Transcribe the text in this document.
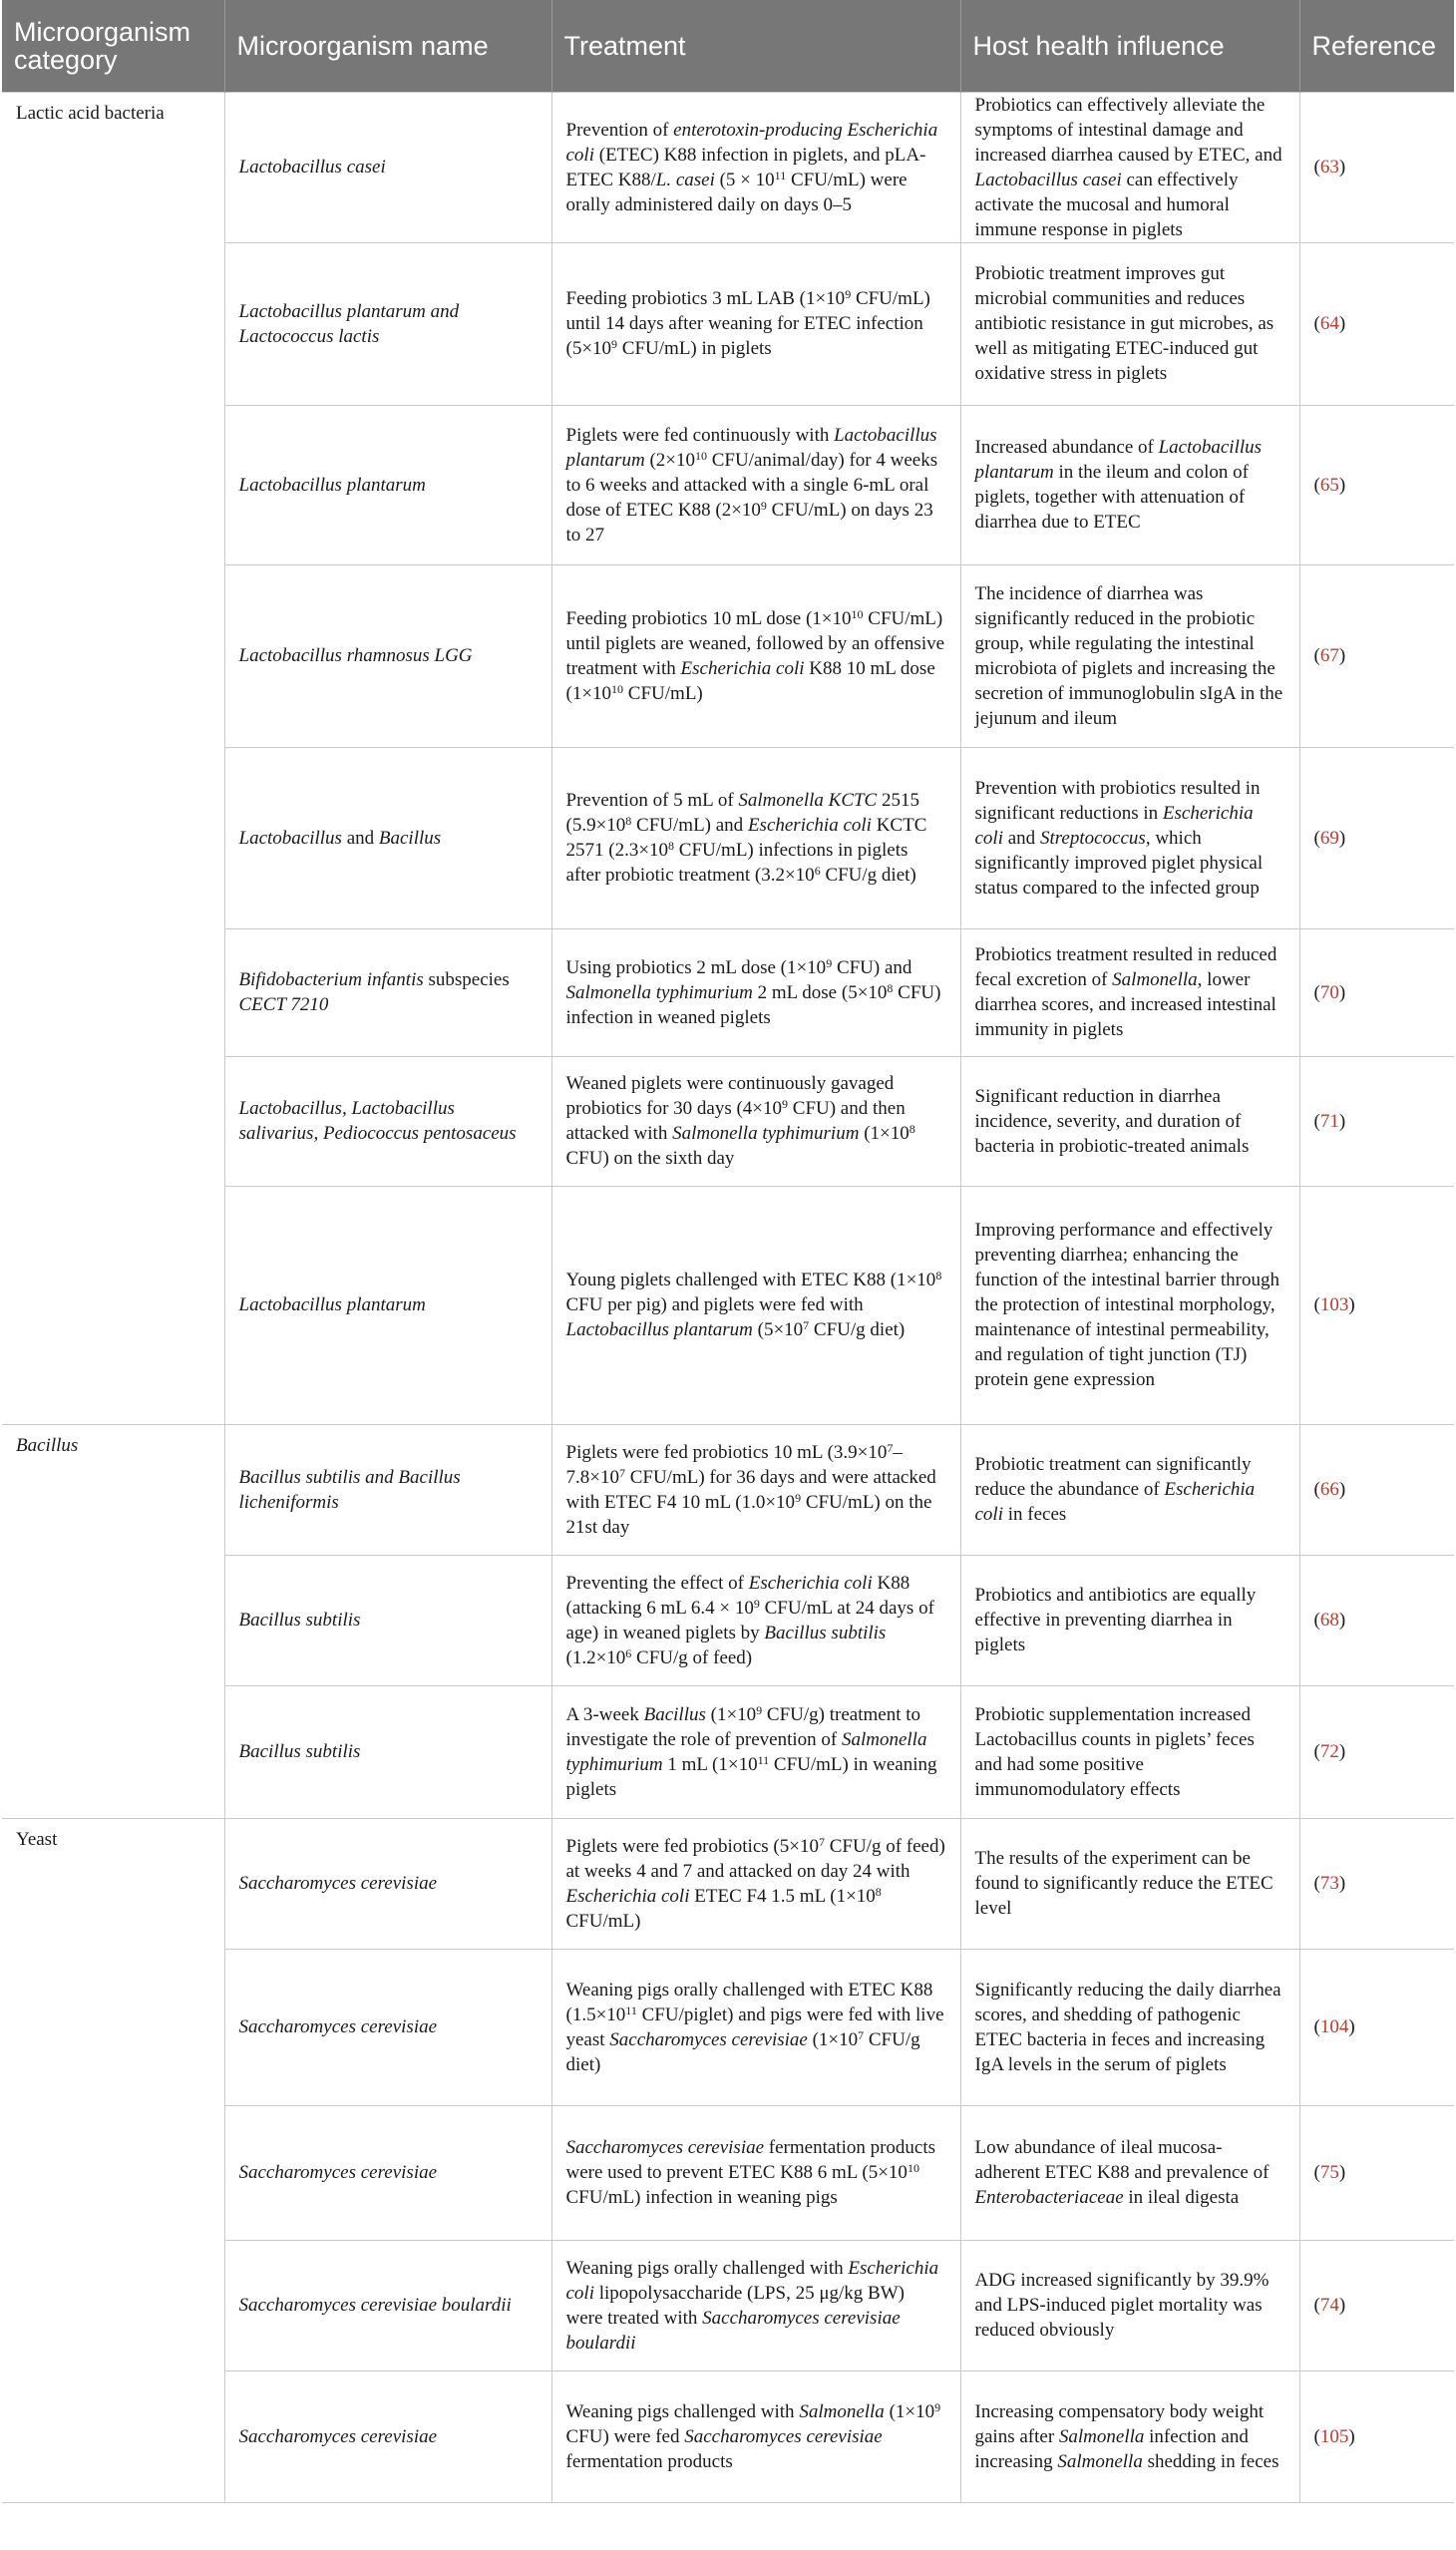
Microorganism category	Microorganism name	Treatment	Host health influence	Reference
Lactic acid bacteria	Lactobacillus casei	Prevention of enterotoxin-producing Escherichia coli (ETEC) K88 infection in piglets, and pLA-ETEC K88/L. casei ($5 \times 10^{11}$ CFU/mL) were orally administered daily on days 0–5	Probiotics can effectively alleviate the symptoms of intestinal damage and increased diarrhea caused by ETEC, and Lactobacillus casei can effectively activate the mucosal and humoral immune response in piglets	(63)
	Lactobacillus plantarum and Lactococcus lactis	Feeding probiotics 3 mL LAB ($1\times 10^9$ CFU/mL) until 14 days after weaning for ETEC infection ($5\times 10^9$ CFU/mL) in piglets	Probiotic treatment improves gut microbial communities and reduces antibiotic resistance in gut microbes, as well as mitigating ETEC-induced gut oxidative stress in piglets	(64)
	Lactobacillus plantarum	Piglets were fed continuously with Lactobacillus plantarum ($2\times 10^{10}$ CFU/animal/day) for 4 weeks to 6 weeks and attacked with a single 6-mL oral dose of ETEC K88 ($2\times 10^9$ CFU/mL) on days 23 to 27	Increased abundance of Lactobacillus plantarum in the ileum and colon of piglets, together with attenuation of diarrhea due to ETEC	(65)
	Lactobacillus rhamnosus LGG	Feeding probiotics 10 mL dose ($1\times 10^{10}$ CFU/mL) until piglets are weaned, followed by an offensive treatment with Escherichia coli K88 10 mL dose ($1\times 10^{10}$ CFU/mL)	The incidence of diarrhea was significantly reduced in the probiotic group, while regulating the intestinal microbiota of piglets and increasing the secretion of immunoglobulin sIgA in the jejunum and ileum	(67)
	Lactobacillus and Bacillus	Prevention of 5 mL of Salmonella KCTC 2515 ($5.9\times 10^8$ CFU/mL) and Escherichia coli KCTC 2571 ($2.3\times 10^8$ CFU/mL) infections in piglets after probiotic treatment ($3.2\times 10^6$ CFU/g diet)	Prevention with probiotics resulted in significant reductions in Escherichia coli and Streptococcus, which significantly improved piglet physical status compared to the infected group	(69)
	Bifidobacterium infantis subspecies CECT 7210	Using probiotics 2 mL dose ($1\times 10^9$ CFU) and Salmonella typhimurium 2 mL dose ($5\times 10^8$ CFU) infection in weaned piglets	Probiotics treatment resulted in reduced fecal excretion of Salmonella, lower diarrhea scores, and increased intestinal immunity in piglets	(70)
	Lactobacillus, Lactobacillus salivarius, Pediococcus pentosaceus	Weaned piglets were continuously gavaged probiotics for 30 days ($4\times 10^9$ CFU) and then attacked with Salmonella typhimurium ($1\times 10^8$ CFU) on the sixth day	Significant reduction in diarrhea incidence, severity, and duration of bacteria in probiotic-treated animals	(71)
	Lactobacillus plantarum	Young piglets challenged with ETEC K88 ($1\times 10^8$ CFU per pig) and piglets were fed with Lactobacillus plantarum ($5\times 10^7$ CFU/g diet)	Improving performance and effectively preventing diarrhea; enhancing the function of the intestinal barrier through the protection of intestinal morphology, maintenance of intestinal permeability, and regulation of tight junction (TJ) protein gene expression	(103)
Bacillus	Bacillus subtilis and Bacillus licheniformis	Piglets were fed probiotics 10 mL ($3.9\times 10^7-7.8\times 10^7$ CFU/mL) for 36 days and were attacked with ETEC F4 10 mL ($1.0\times 10^9$ CFU/mL) on the 21st day	Probiotic treatment can significantly reduce the abundance of Escherichia coli in feces	(66)
	Bacillus subtilis	Preventing the effect of Escherichia coli K88 (attacking 6 mL $6.4 \times 10^9$ CFU/mL at 24 days of age) in weaned piglets by Bacillus subtilis ($1.2\times 10^6$ CFU/g of feed)	Probiotics and antibiotics are equally effective in preventing diarrhea in piglets	(68)
	Bacillus subtilis	A 3-week Bacillus ($1\times 10^9$ CFU/g) treatment to investigate the role of prevention of Salmonella typhimurium 1 mL ($1\times 10^{11}$ CFU/mL) in weaning piglets	Probiotic supplementation increased Lactobacillus counts in piglets’ feces and had some positive immunomodulatory effects	(72)
Yeast	Saccharomyces cerevisiae	Piglets were fed probiotics ($5\times 10^7$ CFU/g of feed) at weeks 4 and 7 and attacked on day 24 with Escherichia coli ETEC F4 1.5 mL ($1\times 10^8$ CFU/mL)	The results of the experiment can be found to significantly reduce the ETEC level	(73)
	Saccharomyces cerevisiae	Weaning pigs orally challenged with ETEC K88 ($1.5\times 10^{11}$ CFU/piglet) and pigs were fed with live yeast Saccharomyces cerevisiae ($1\times 10^7$ CFU/g diet)	Significantly reducing the daily diarrhea scores, and shedding of pathogenic ETEC bacteria in feces and increasing IgA levels in the serum of piglets	(104)
	Saccharomyces cerevisiae	Saccharomyces cerevisiae fermentation products were used to prevent ETEC K88 6 mL ($5\times 10^{10}$ CFU/mL) infection in weaning pigs	Low abundance of ileal mucosa-adherent ETEC K88 and prevalence of Enterobacteriaceae in ileal digesta	(75)
	Saccharomyces cerevisiae boulardii	Weaning pigs orally challenged with Escherichia coli lipopolysaccharide (LPS, 25 μg/kg BW) were treated with Saccharomyces cerevisiae boulardii	ADG increased significantly by 39.9% and LPS-induced piglet mortality was reduced obviously	(74)
	Saccharomyces cerevisiae	Weaning pigs challenged with Salmonella ($1\times 10^9$ CFU) were fed Saccharomyces cerevisiae fermentation products	Increasing compensatory body weight gains after Salmonella infection and increasing Salmonella shedding in feces	(105)
